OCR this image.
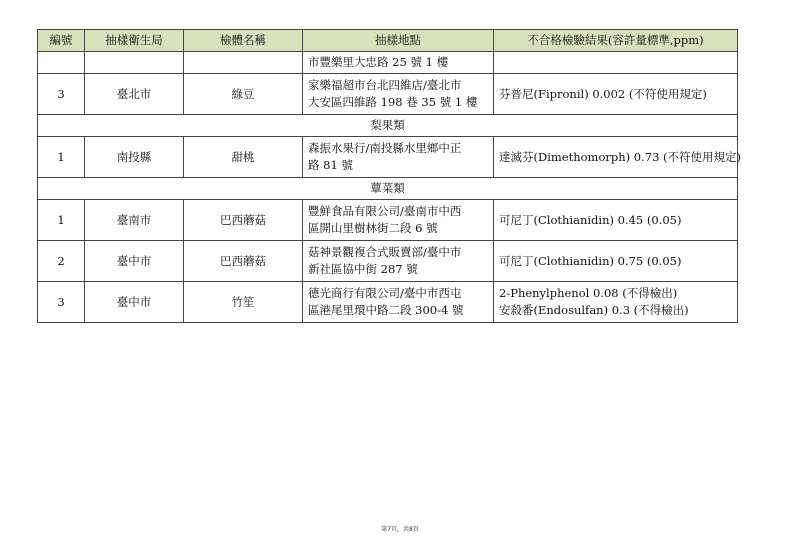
編號	抽樣衛生局	檢體名稱	抽樣地點	不合格檢驗結果(容許量標準,ppm)

			市豐樂里大忠路 25 號 1 樓	

3	臺北市	綠豆	家樂福超市台北四維店/臺北市
大安區四維路 198 巷 35 號 1 樓	芬普尼(Fipronil) 0.002 (不符使用規定)

梨果類				
1	南投縣	甜桃	森振水果行/南投縣水里鄉中正
路 81 號	達滅芬(Dimethomorph) 0.73 (不符使用規定)

蕈菜類				
1	臺南市	巴西蘑菇	豐鮮食品有限公司/臺南市中西
區開山里樹林街二段 6 號	可尼丁(Clothianidin) 0.45 (0.05)

2	臺中市	巴西蘑菇	菇神景觀複合式販賣部/臺中市
新社區協中街 287 號	可尼丁(Clothianidin) 0.75 (0.05)

3	臺中市	竹笙	德光商行有限公司/臺中市西屯
區港尾里環中路二段 300-4 號	2-Phenylphenol 0.08 (不得檢出)
安殺番(Endosulfan) 0.3 (不得檢出)
第7頁，共8頁
